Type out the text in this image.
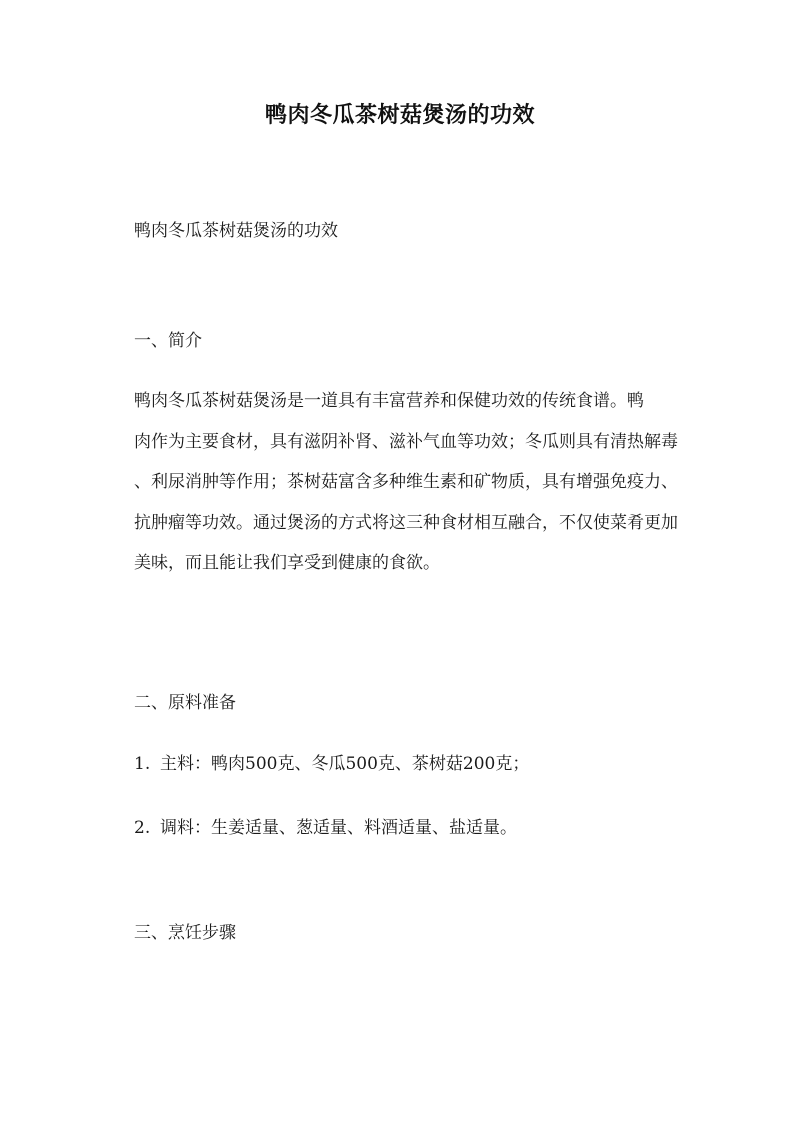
鸭肉冬瓜茶树菇煲汤的功效
鸭肉冬瓜茶树菇煲汤的功效
一、简介
鸭肉冬瓜茶树菇煲汤是一道具有丰富营养和保健功效的传统食谱。鸭
肉作为主要食材，具有滋阴补肾、滋补气血等功效；冬瓜则具有清热解毒
、利尿消肿等作用；茶树菇富含多种维生素和矿物质，具有增强免疫力、
抗肿瘤等功效。通过煲汤的方式将这三种食材相互融合，不仅使菜肴更加
美味，而且能让我们享受到健康的食欲。
二、原料准备
1. 主料：鸭肉500克、冬瓜500克、茶树菇200克；
2. 调料：生姜适量、葱适量、料酒适量、盐适量。
三、烹饪步骤
